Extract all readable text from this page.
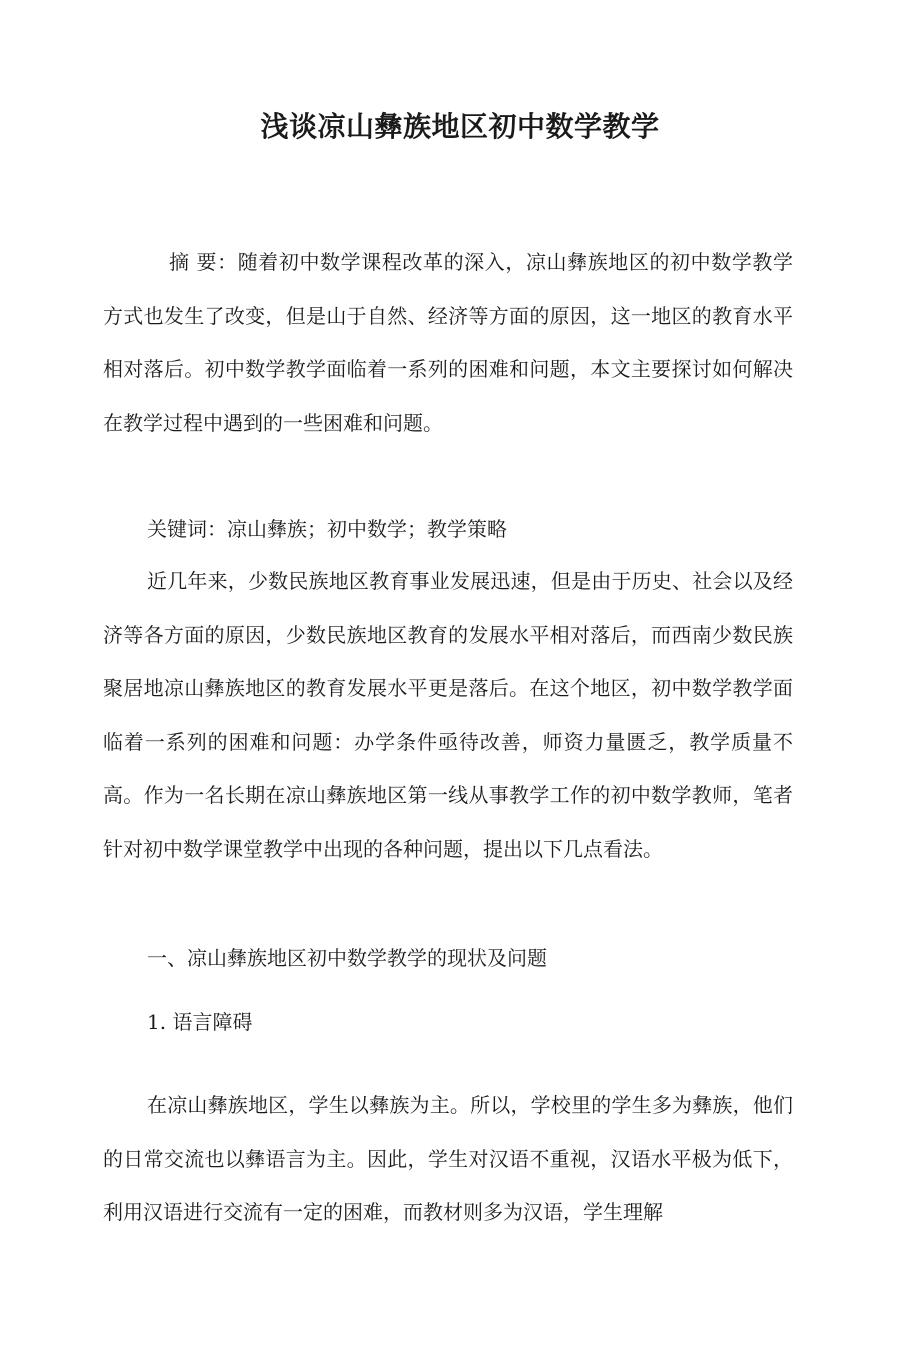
浅谈凉山彝族地区初中数学教学

摘 要：随着初中数学课程改革的深入，凉山彝族地区的初中数学教学方式也发生了改变，但是山于自然、经济等方面的原因，这一地区的教育水平相对落后。初中数学教学面临着一系列的困难和问题，本文主要探讨如何解决在教学过程中遇到的一些困难和问题。

关键词：凉山彝族；初中数学；教学策略

近几年来，少数民族地区教育事业发展迅速，但是由于历史、社会以及经济等各方面的原因，少数民族地区教育的发展水平相对落后，而西南少数民族聚居地凉山彝族地区的教育发展水平更是落后。在这个地区，初中数学教学面临着一系列的困难和问题：办学条件亟待改善，师资力量匮乏，教学质量不高。作为一名长期在凉山彝族地区第一线从事教学工作的初中数学教师，笔者针对初中数学课堂教学中出现的各种问题，提出以下几点看法。

一、凉山彝族地区初中数学教学的现状及问题

1. 语言障碍

在凉山彝族地区，学生以彝族为主。所以，学校里的学生多为彝族，他们的日常交流也以彝语言为主。因此，学生对汉语不重视，汉语水平极为低下，利用汉语进行交流有一定的困难，而教材则多为汉语，学生理解
